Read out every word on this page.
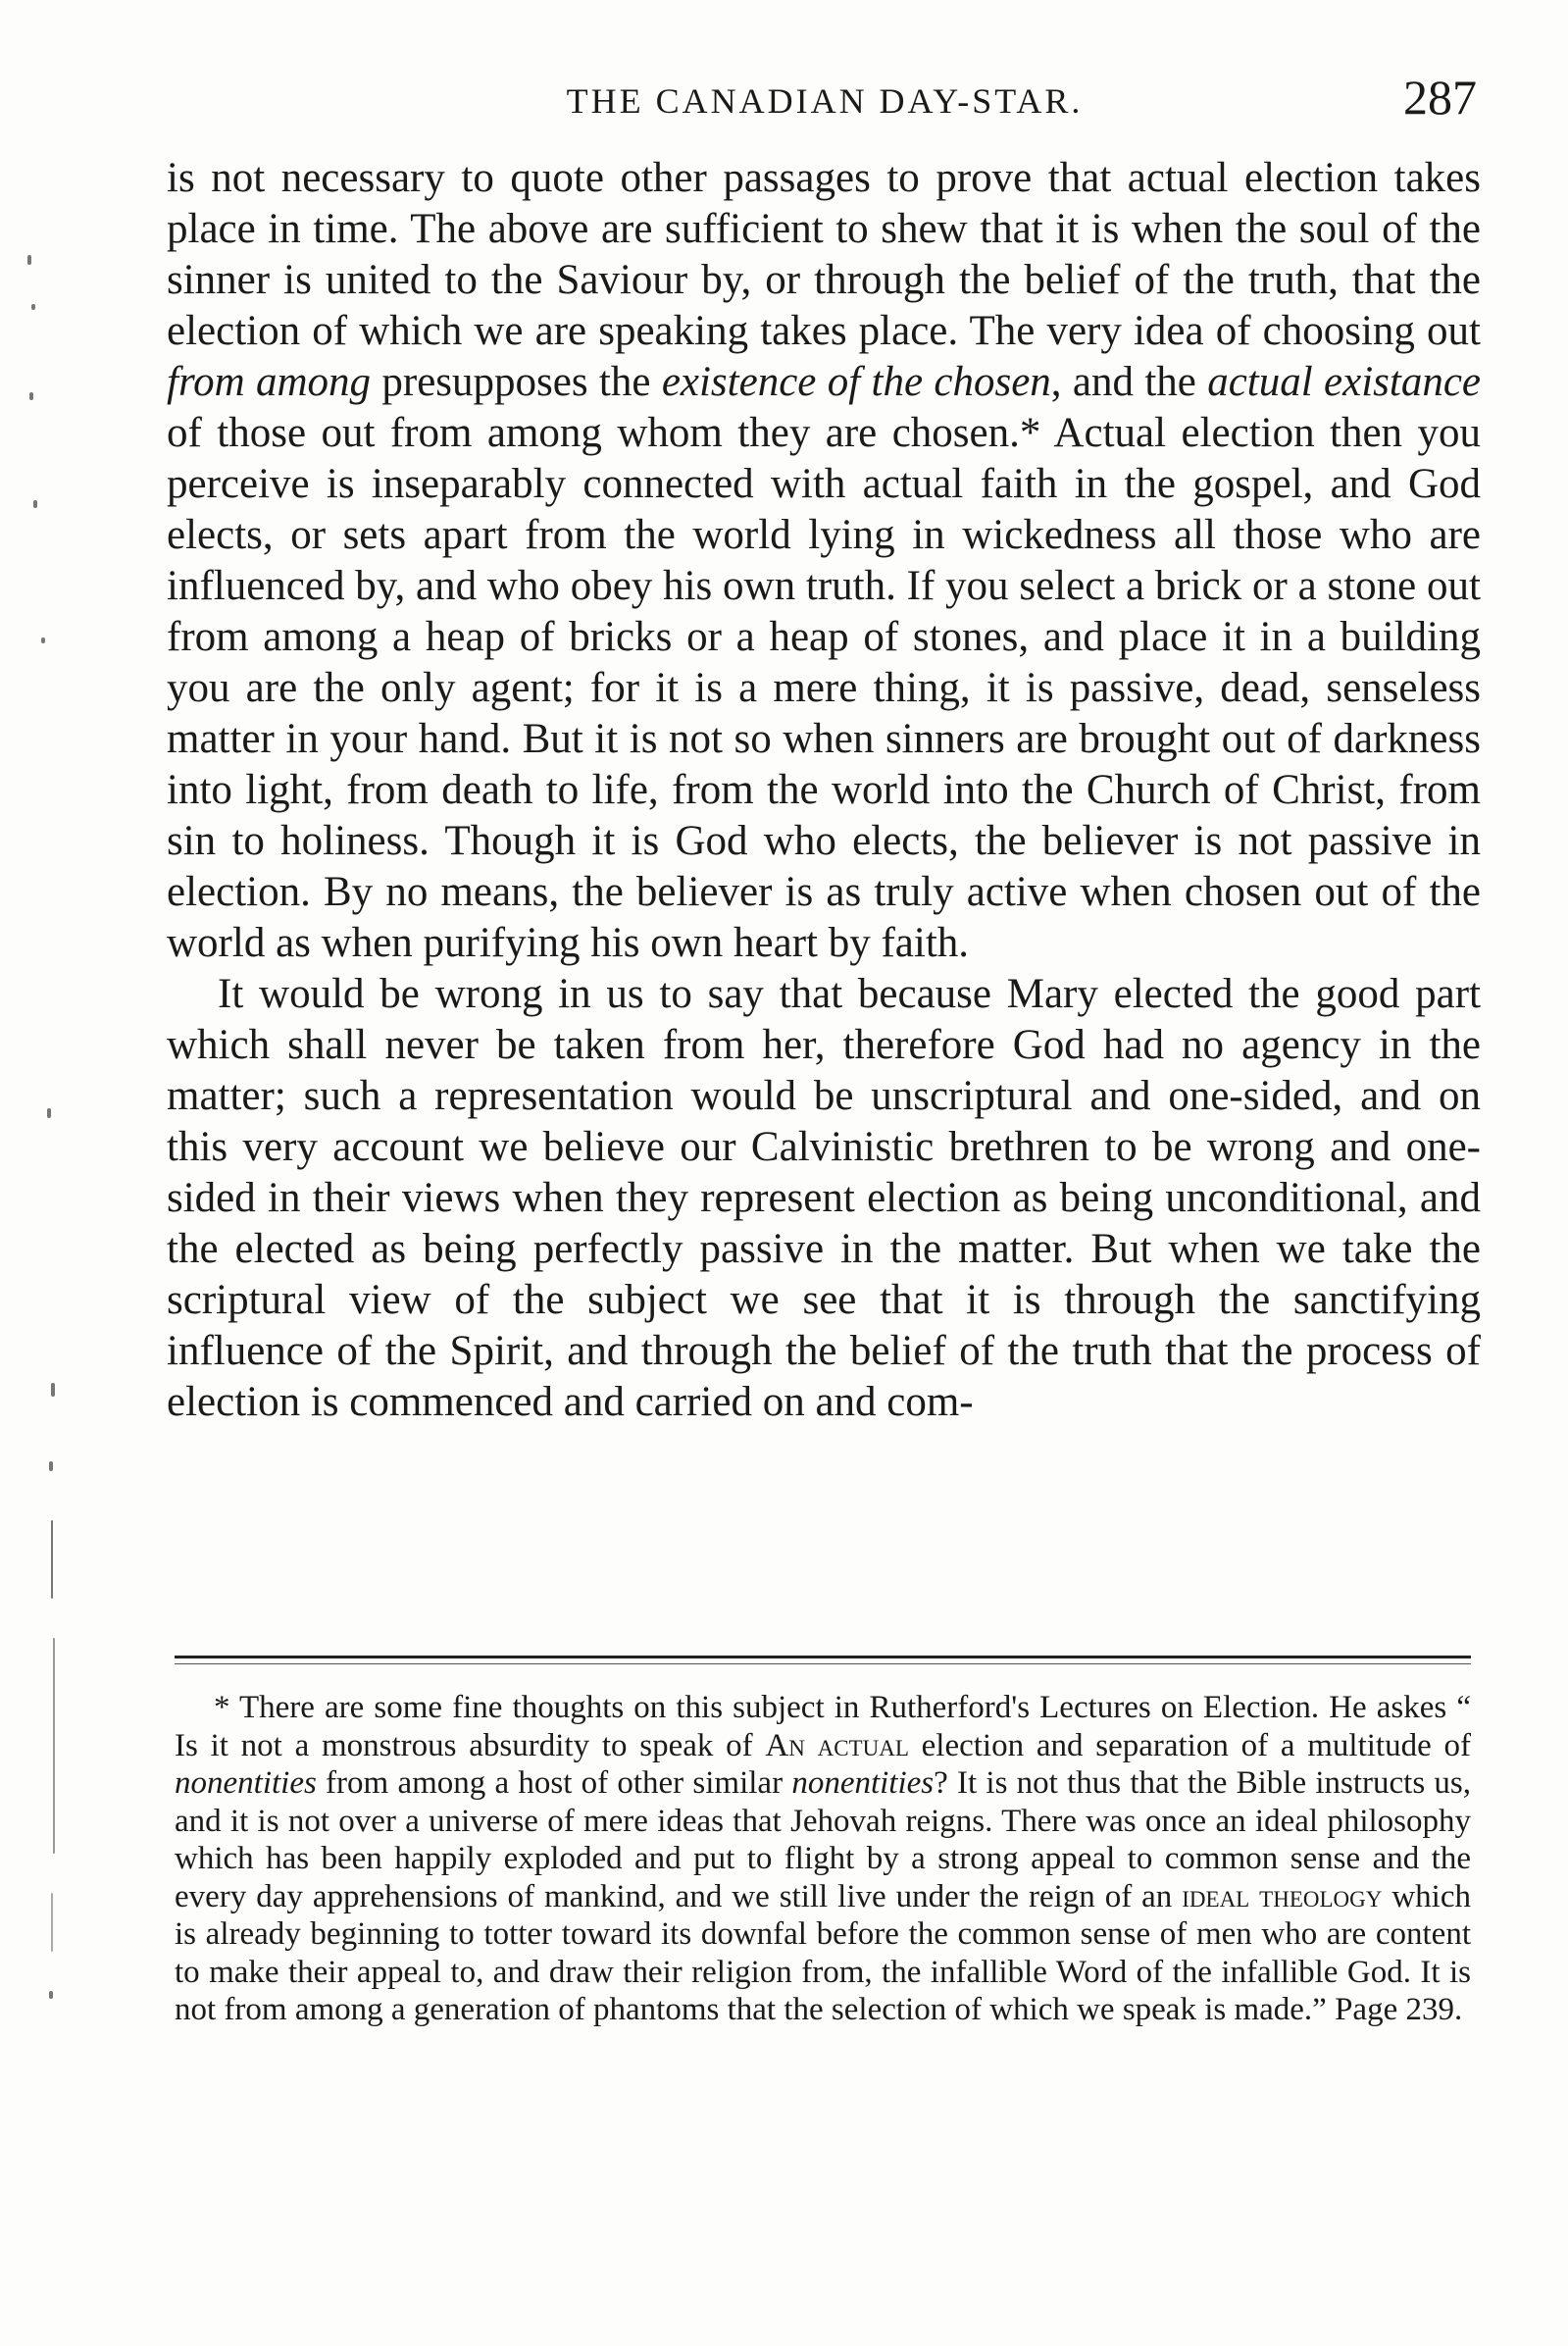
THE CANADIAN DAY-STAR.	287

is not necessary to quote other passages to prove that actual election takes place in time. The above are sufficient to shew that it is when the soul of the sinner is united to the Saviour by, or through the belief of the truth, that the election of which we are speaking takes place. The very idea of choosing out from among presupposes the existence of the chosen, and the actual existance of those out from among whom they are chosen.* Actual election then you perceive is inseparably connected with actual faith in the gospel, and God elects, or sets apart from the world lying in wickedness all those who are influenced by, and who obey his own truth. If you select a brick or a stone out from among a heap of bricks or a heap of stones, and place it in a building you are the only agent; for it is a mere thing, it is passive, dead, senseless matter in your hand. But it is not so when sinners are brought out of darkness into light, from death to life, from the world into the Church of Christ, from sin to holiness. Though it is God who elects, the believer is not passive in election. By no means, the believer is as truly active when chosen out of the world as when purifying his own heart by faith.

It would be wrong in us to say that because Mary elected the good part which shall never be taken from her, therefore God had no agency in the matter; such a representation would be unscriptural and one-sided, and on this very account we believe our Calvinistic brethren to be wrong and one-sided in their views when they represent election as being unconditional, and the elected as being perfectly passive in the matter. But when we take the scriptural view of the subject we see that it is through the sanctifying influence of the Spirit, and through the belief of the truth that the process of election is commenced and carried on and com-

* There are some fine thoughts on this subject in Rutherford's Lectures on Election. He askes “ Is it not a monstrous absurdity to speak of An actual election and separation of a multitude of nonentities from among a host of other similar nonentities? It is not thus that the Bible instructs us, and it is not over a universe of mere ideas that Jehovah reigns. There was once an ideal philosophy which has been happily exploded and put to flight by a strong appeal to common sense and the every day apprehensions of mankind, and we still live under the reign of an ideal theology which is already beginning to totter toward its downfal before the common sense of men who are content to make their appeal to, and draw their religion from, the infallible Word of the infallible God. It is not from among a generation of phantoms that the selection of which we speak is made.” Page 239.
